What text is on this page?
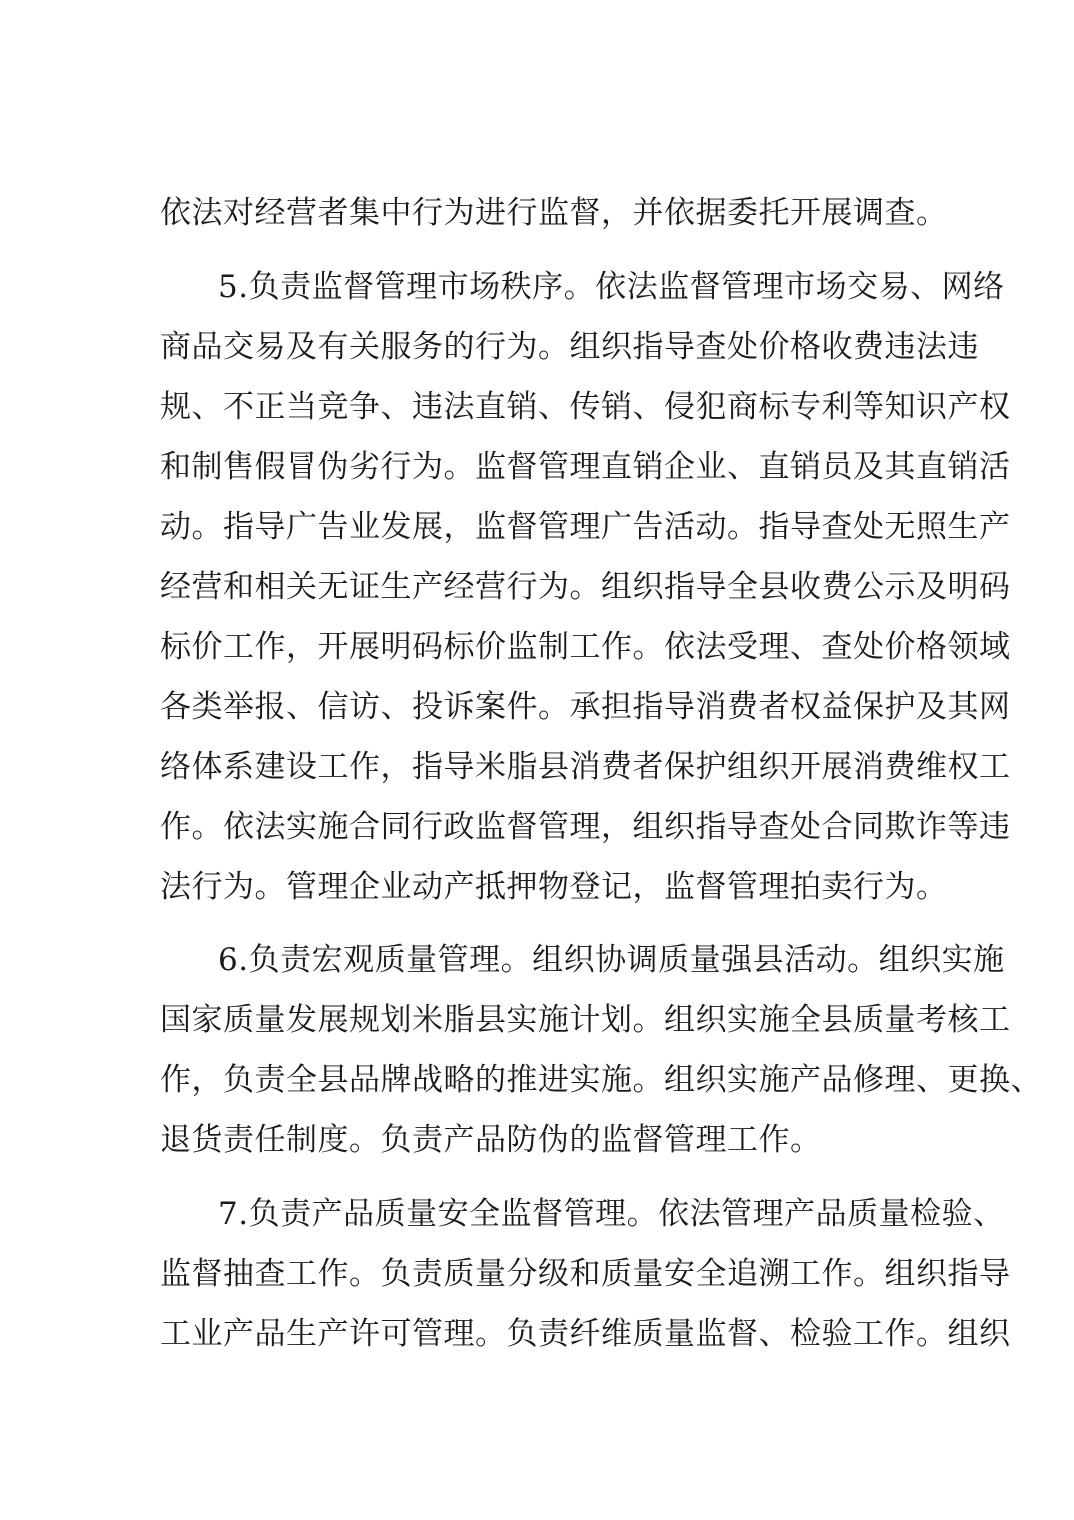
依法对经营者集中行为进行监督，并依据委托开展调查。
5.负责监督管理市场秩序。依法监督管理市场交易、网络
商品交易及有关服务的行为。组织指导查处价格收费违法违
规、不正当竞争、违法直销、传销、侵犯商标专利等知识产权
和制售假冒伪劣行为。监督管理直销企业、直销员及其直销活
动。指导广告业发展，监督管理广告活动。指导查处无照生产
经营和相关无证生产经营行为。组织指导全县收费公示及明码
标价工作，开展明码标价监制工作。依法受理、查处价格领域
各类举报、信访、投诉案件。承担指导消费者权益保护及其网
络体系建设工作，指导米脂县消费者保护组织开展消费维权工
作。依法实施合同行政监督管理，组织指导查处合同欺诈等违
法行为。管理企业动产抵押物登记，监督管理拍卖行为。
6.负责宏观质量管理。组织协调质量强县活动。组织实施
国家质量发展规划米脂县实施计划。组织实施全县质量考核工
作，负责全县品牌战略的推进实施。组织实施产品修理、更换、
退货责任制度。负责产品防伪的监督管理工作。
7.负责产品质量安全监督管理。依法管理产品质量检验、
监督抽查工作。负责质量分级和质量安全追溯工作。组织指导
工业产品生产许可管理。负责纤维质量监督、检验工作。组织
